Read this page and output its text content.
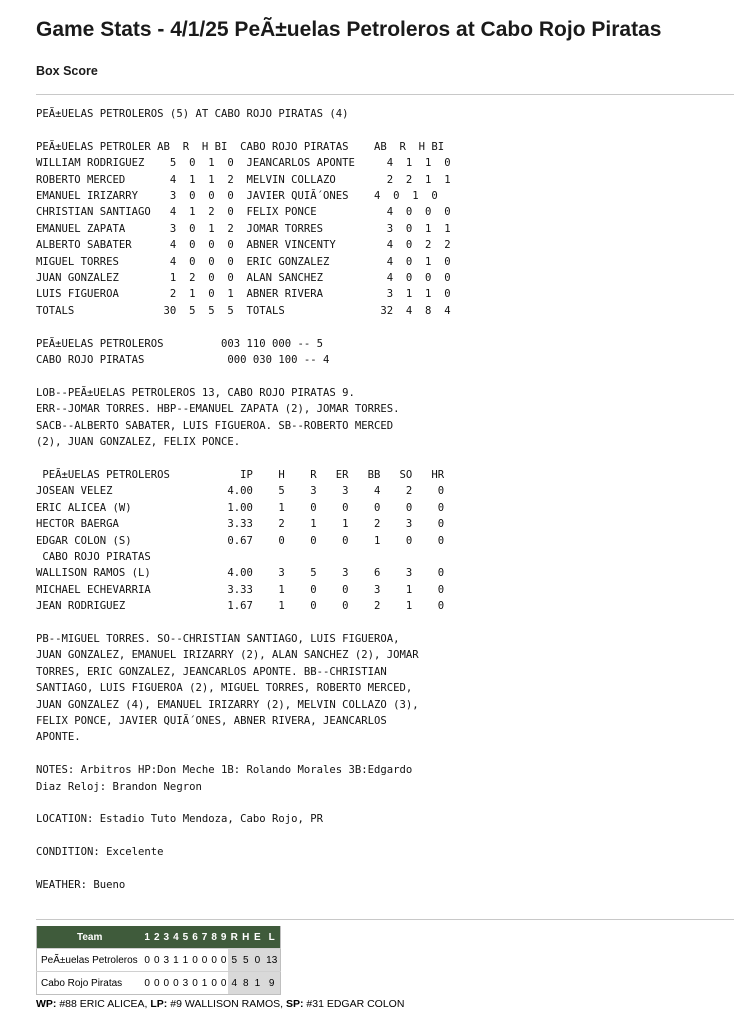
Game Stats - 4/1/25 PeÃ±uelas Petroleros at Cabo Rojo Piratas
Box Score
PEÃ±UELAS PETROLEROS (5) AT CABO ROJO PIRATAS (4)

PEÃ±UELAS PETROLER AB  R  H BI  CABO ROJO PIRATAS    AB  R  H BI
WILLIAM RODRIGUEZ    5  0  1  0  JEANCARLOS APONTE     4  1  1  0
ROBERTO MERCED       4  1  1  2  MELVIN COLLAZO        2  2  1  1
EMANUEL IRIZARRY     3  0  0  0  JAVIER QUIÃ´ONES    4  0  1  0
CHRISTIAN SANTIAGO   4  1  2  0  FELIX PONCE           4  0  0  0
EMANUEL ZAPATA       3  0  1  2  JOMAR TORRES          3  0  1  1
ALBERTO SABATER      4  0  0  0  ABNER VINCENTY        4  0  2  2
MIGUEL TORRES        4  0  0  0  ERIC GONZALEZ         4  0  1  0
JUAN GONZALEZ        1  2  0  0  ALAN SANCHEZ          4  0  0  0
LUIS FIGUEROA        2  1  0  1  ABNER RIVERA          3  1  1  0
TOTALS              30  5  5  5  TOTALS               32  4  8  4

PEÃ±UELAS PETROLEROS         003 110 000 -- 5
CABO ROJO PIRATAS             000 030 100 -- 4

LOB--PEÃ±UELAS PETROLEROS 13, CABO ROJO PIRATAS 9.
ERR--JOMAR TORRES. HBP--EMANUEL ZAPATA (2), JOMAR TORRES.
SACB--ALBERTO SABATER, LUIS FIGUEROA. SB--ROBERTO MERCED
(2), JUAN GONZALEZ, FELIX PONCE.

PEÃ±UELAS PETROLEROS           IP    H    R   ER   BB   SO   HR
JOSEAN VELEZ                  4.00    5    3    3    4    2    0
ERIC ALICEA (W)               1.00    1    0    0    0    0    0
HECTOR BAERGA                 3.33    2    1    1    2    3    0
EDGAR COLON (S)               0.67    0    0    0    1    0    0
CABO ROJO PIRATAS
WALLISON RAMOS (L)            4.00    3    5    3    6    3    0
MICHAEL ECHEVARRIA            3.33    1    0    0    3    1    0
JEAN RODRIGUEZ                1.67    1    0    0    2    1    0

PB--MIGUEL TORRES. SO--CHRISTIAN SANTIAGO, LUIS FIGUEROA,
JUAN GONZALEZ, EMANUEL IRIZARRY (2), ALAN SANCHEZ (2), JOMAR
TORRES, ERIC GONZALEZ, JEANCARLOS APONTE. BB--CHRISTIAN
SANTIAGO, LUIS FIGUEROA (2), MIGUEL TORRES, ROBERTO MERCED,
JUAN GONZALEZ (4), EMANUEL IRIZARRY (2), MELVIN COLLAZO (3),
FELIX PONCE, JAVIER QUIÃ´ONES, ABNER RIVERA, JEANCARLOS
APONTE.

NOTES: Arbitros HP:Don Meche 1B: Rolando Morales 3B:Edgardo
Diaz Reloj: Brandon Negron

LOCATION: Estadio Tuto Mendoza, Cabo Rojo, PR

CONDITION: Excelente

WEATHER: Bueno
Team	1	2	3	4	5	6	7	8	9	R	H	E	L
PeÃ±uelas Petroleros	0	0	3	1	1	0	0	0	0	5	5	0	13
Cabo Rojo Piratas	0	0	0	0	3	0	1	0	0	4	8	1	9
WP: #88 ERIC ALICEA, LP: #9 WALLISON RAMOS, SP: #31 EDGAR COLON
